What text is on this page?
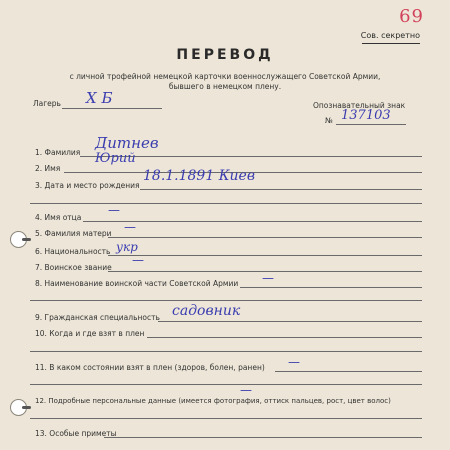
69
Сов. секретно
ПЕРЕВОД
с личной трофейной немецкой карточки военнослужащего Советской Армии,
бывшего в немецком плену.
Лагерь Х Б	Опознавательный знак
№ 137103
1. Фамилия
Дитнев
2. Имя
Юрий
3. Дата и место рождения
18.1.1891 Киев
4. Имя отца
—
5. Фамилия матери —
6. Национальность укр
7. Воинское звание
—
8. Наименование воинской части Советской Армии —
9. Гражданская специальность садовник
10. Когда и где взят в плен
11. В каком состоянии взят в плен (здоров, болен, ранен) —
12. Подробные персональные данные (имеется фотография, оттиск пальцев, рост, цвет волос)
—
13. Особые приметы
